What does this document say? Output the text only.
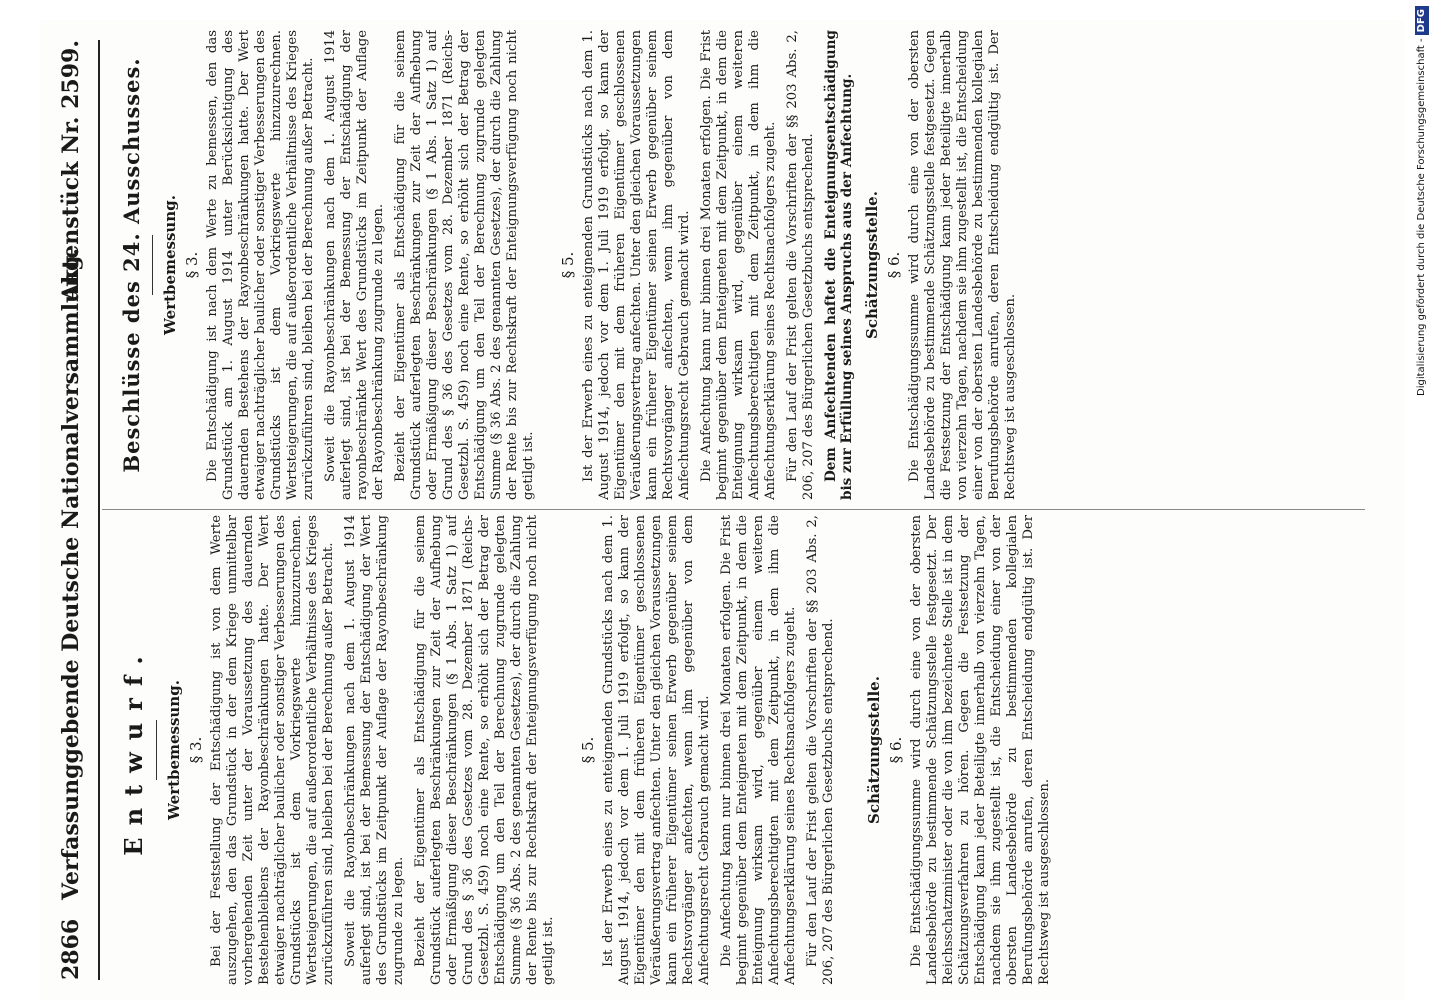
2866
Verfassunggebende Deutsche Nationalversammlung.
Aktenstück Nr. 2599.
Entwurf. Wertbemessung. § 3. Bei der Feststellung der Entschädigung ist von dem Werte auszugehen, den das Grundstück in der dem Kriege unmittelbar vorhergehenden Zeit unter der Voraussetzung des dauernden Bestehenbleibens der Rayonbeschränkungen hatte. Der Wert etwaiger nachträglicher baulicher oder sonstiger Verbesserungen des Grundstücks ist dem Vorkriegswerte hinzuzurechnen. Wertsteigerungen, die auf außerordentliche Verhältnisse des Krieges zurückzuführen sind, bleiben bei der Berechnung außer Betracht. Soweit die Rayonbeschränkungen nach dem 1. August 1914 auferlegt sind, ist bei der Bemessung der Entschädigung der Wert des Grundstücks im Zeitpunkt der Auflage der Rayonbeschränkung zugrunde zu legen. Bezieht der Eigentümer als Entschädigung für die seinem Grundstück auferlegten Beschränkungen zur Zeit der Aufhebung oder Ermäßigung dieser Beschränkungen (§ 1 Abs. 1 Satz 1) auf Grund des § 36 des Gesetzes vom 28. Dezember 1871 (Reichs-Gesetzbl. S. 459) noch eine Rente, so erhöht sich der Betrag der Entschädigung um den Teil der Berechnung zugrunde gelegten Summe (§ 36 Abs. 2 des genannten Gesetzes), der durch die Zahlung der Rente bis zur Rechtskraft der Enteignungsverfügung noch nicht getilgt ist.

§ 5. Ist der Erwerb eines zu enteignenden Grundstücks nach dem 1. August 1914, jedoch vor dem 1. Juli 1919 erfolgt, so kann der Eigentümer den mit dem früheren Eigentümer geschlossenen Veräußerungsvertrag anfechten. Unter den gleichen Voraussetzungen kann ein früherer Eigentümer seinen Erwerb gegenüber seinem Rechtsvorgänger anfechten, wenn ihm gegenüber von dem Anfechtungsrecht Gebrauch gemacht wird. Die Anfechtung kann nur binnen drei Monaten erfolgen. Die Frist beginnt gegenüber dem Enteigneten mit dem Zeitpunkt, in dem die Enteignung wirksam wird, gegenüber einem weiteren Anfechtungsberechtigten mit dem Zeitpunkt, in dem ihm die Anfechtungserklärung seines Rechtsnachfolgers zugeht. Für den Lauf der Frist gelten die Vorschriften der §§ 203 Abs. 2, 206, 207 des Bürgerlichen Gesetzbuchs entsprechend. Schätzungsstelle. § 6. Die Entschädigungssumme wird durch eine von der obersten Landesbehörde zu bestimmende Schätzungsstelle festgesetzt. Der Reichsschatzminister oder die von ihm bezeichnete Stelle ist in dem Schätzungsverfahren zu hören. Gegen die Festsetzung der Entschädigung kann jeder Beteiligte innerhalb von vierzehn Tagen, nachdem sie ihm zugestellt ist, die Entscheidung einer von der obersten Landesbehörde zu bestimmenden kollegialen Berufungsbehörde anrufen, deren Entscheidung endgültig ist. Der Rechtsweg ist ausgeschlossen.

Beschlüsse des 24. Ausschusses. Wertbemessung. § 3. Die Entschädigung ist nach dem Werte zu bemessen, den das Grundstück am 1. August 1914 unter Berücksichtigung des dauernden Bestehens der Rayonbeschränkungen hatte. Der Wert etwaiger nachträglicher baulicher oder sonstiger Verbesserungen des Grundstücks ist dem Vorkriegswerte hinzuzurechnen. Wertsteigerungen, die auf außerordentliche Verhältnisse des Krieges zurückzuführen sind, bleiben bei der Berechnung außer Betracht. Soweit die Rayonbeschränkungen nach dem 1. August 1914 auferlegt sind, ist bei der Bemessung der Entschädigung der rayonbeschränkte Wert des Grundstücks im Zeitpunkt der Auflage der Rayonbeschränkung zugrunde zu legen. Bezieht der Eigentümer als Entschädigung für die seinem Grundstück auferlegten Beschränkungen zur Zeit der Aufhebung oder Ermäßigung dieser Beschränkungen (§ 1 Abs. 1 Satz 1) auf Grund des § 36 des Gesetzes vom 28. Dezember 1871 (Reichs-Gesetzbl. S. 459) noch eine Rente, so erhöht sich der Betrag der Entschädigung um den Teil der Berechnung zugrunde gelegten Summe (§ 36 Abs. 2 des genannten Gesetzes), der durch die Zahlung der Rente bis zur Rechtskraft der Enteignungsverfügung noch nicht getilgt ist.

§ 5. Ist der Erwerb eines zu enteignenden Grundstücks nach dem 1. August 1914, jedoch vor dem 1. Juli 1919 erfolgt, so kann der Eigentümer den mit dem früheren Eigentümer geschlossenen Veräußerungsvertrag anfechten. Unter den gleichen Voraussetzungen kann ein früherer Eigentümer seinen Erwerb gegenüber seinem Rechtsvorgänger anfechten, wenn ihm gegenüber von dem Anfechtungsrecht Gebrauch gemacht wird. Die Anfechtung kann nur binnen drei Monaten erfolgen. Die Frist beginnt gegenüber dem Enteigneten mit dem Zeitpunkt, in dem die Enteignung wirksam wird, gegenüber einem weiteren Anfechtungsberechtigten mit dem Zeitpunkt, in dem ihm die Anfechtungserklärung seines Rechtsnachfolgers zugeht. Für den Lauf der Frist gelten die Vorschriften der §§ 203 Abs. 2, 206, 207 des Bürgerlichen Gesetzbuchs entsprechend. Dem Anfechtenden haftet die Enteignungsentschädigung bis zur Erfüllung seines Anspruchs aus der Anfechtung. Schätzungsstelle. § 6. Die Entschädigungssumme wird durch eine von der obersten Landesbehörde zu bestimmende Schätzungsstelle festgesetzt. Gegen die Festsetzung der Entschädigung kann jeder Beteiligte innerhalb von vierzehn Tagen, nachdem sie ihm zugestellt ist, die Entscheidung einer von der obersten Landesbehörde zu bestimmenden kollegialen Berufungsbehörde anrufen, deren Entscheidung endgültig ist. Der Rechtsweg ist ausgeschlossen.

Digitalisierung gefördert durch die Deutsche Forschungsgemeinschaft -DFG
